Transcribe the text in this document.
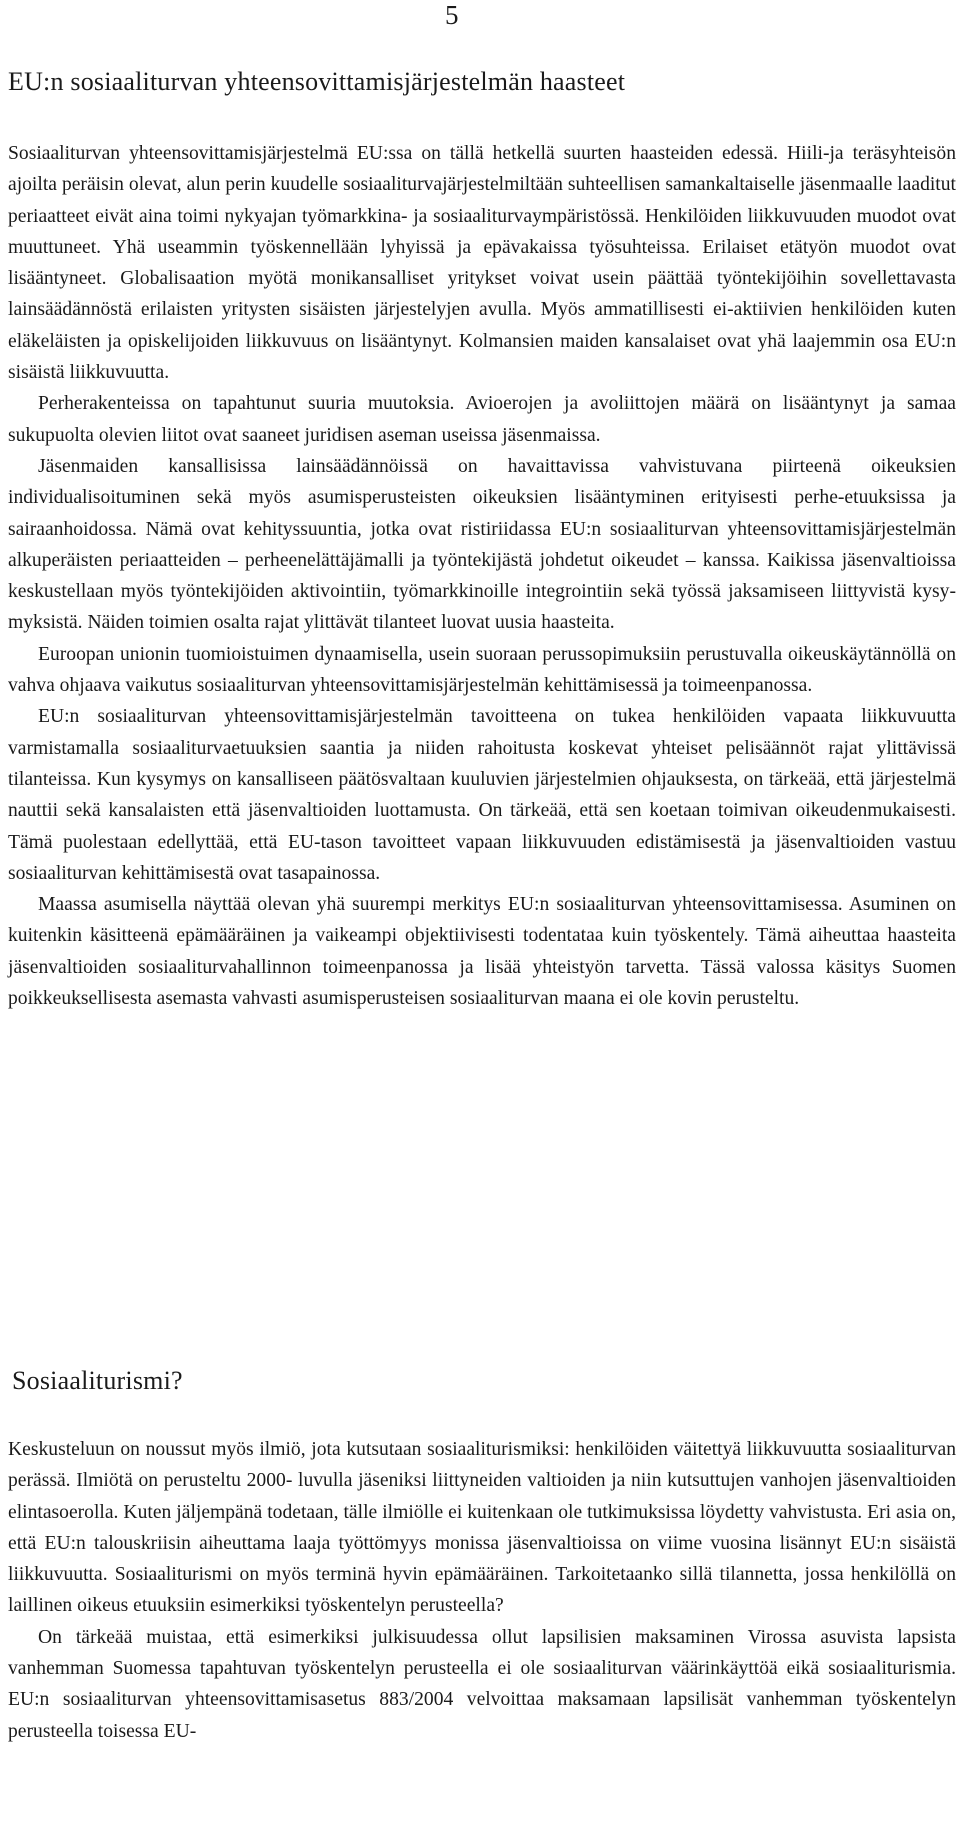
5
EU:n sosiaaliturvan yhteensovittamisjärjestelmän haasteet

Sosiaaliturvan yhteensovittamisjärjestelmä EU:ssa on tällä hetkellä suurten haasteiden edessä. Hiili-ja teräsyhteisön ajoilta peräisin olevat, alun perin kuudelle sosiaaliturvajärjestelmiltään suhteellisen samankaltaiselle jäsenmaalle laaditut periaatteet eivät aina toimi nykyajan työmarkkina- ja sosiaaliturvaympäristössä. Henkilöiden liikkuvuuden muodot ovat muuttuneet. Yhä useammin työskennellään lyhyissä ja epävakaissa työsuhteissa. Erilaiset etätyön muodot ovat lisääntyneet. Globalisaation myötä monikansalliset yritykset voivat usein päättää työntekijöihin sovellettavasta lainsäädännöstä erilaisten yritysten sisäisten järjestelyjen avulla. Myös ammatillisesti ei-aktiivien henkilöiden kuten eläkeläisten ja opiskelijoiden liikkuvuus on lisääntynyt. Kolmansien maiden kansalaiset ovat yhä laajemmin osa EU:n sisäistä liikkuvuutta.

Perherakenteissa on tapahtunut suuria muutoksia. Avioerojen ja avoliittojen määrä on lisääntynyt ja samaa sukupuolta olevien liitot ovat saaneet juridisen aseman useissa jäsenmaissa.

Jäsenmaiden kansallisissa lainsäädännöissä on havaittavissa vahvistuvana piirteenä oikeuksien individualisoituminen sekä myös asumisperusteisten oikeuksien lisääntyminen erityisesti perhe-etuuksissa ja sairaanhoidossa. Nämä ovat kehityssuuntia, jotka ovat ristiriidassa EU:n sosiaaliturvan yhteensovittamisjärjestelmän alkuperäisten periaatteiden – perheenelättäjämalli ja työntekijästä johdetut oikeudet – kanssa. Kaikissa jäsenvaltioissa keskustellaan myös työntekijöiden aktivointiin, työmarkkinoille integrointiin sekä työssä jaksamiseen liittyvistä kysymyksistä. Näiden toimien osalta rajat ylittävät tilanteet luovat uusia haasteita.

Euroopan unionin tuomioistuimen dynaamisella, usein suoraan perussopimuksiin perustuvalla oikeuskäytännöllä on vahva ohjaava vaikutus sosiaaliturvan yhteensovittamisjärjestelmän kehittämisessä ja toimeenpanossa.

EU:n sosiaaliturvan yhteensovittamisjärjestelmän tavoitteena on tukea henkilöiden vapaata liikkuvuutta varmistamalla sosiaaliturvaetuuksien saantia ja niiden rahoitusta koskevat yhteiset pelisäännöt rajat ylittävissä tilanteissa. Kun kysymys on kansalliseen päätösvaltaan kuuluvien järjestelmien ohjauksesta, on tärkeää, että järjestelmä nauttii sekä kansalaisten että jäsenvaltioiden luottamusta. On tärkeää, että sen koetaan toimivan oikeudenmukaisesti. Tämä puolestaan edellyttää, että EU-tason tavoitteet vapaan liikkuvuuden edistämisestä ja jäsenvaltioiden vastuu sosiaaliturvan kehittämisestä ovat tasapainossa.

Maassa asumisella näyttää olevan yhä suurempi merkitys EU:n sosiaaliturvan yhteensovittamisessa. Asuminen on kuitenkin käsitteenä epämääräinen ja vaikeampi objektiivisesti todentataa kuin työskentely. Tämä aiheuttaa haasteita jäsenvaltioiden sosiaaliturvahallinnon toimeenpanossa ja lisää yhteistyön tarvetta. Tässä valossa käsitys Suomen poikkeuksellisesta asemasta vahvasti asumisperusteisen sosiaaliturvan maana ei ole kovin perusteltu.

Sosiaaliturismi?

Keskusteluun on noussut myös ilmiö, jota kutsutaan sosiaaliturismiksi: henkilöiden väitettyä liikkuvuutta sosiaaliturvan perässä. Ilmiötä on perusteltu 2000- luvulla jäseniksi liittyneiden valtioiden ja niin kutsuttujen vanhojen jäsenvaltioiden elintasoerolla. Kuten jäljempänä todetaan, tälle ilmiölle ei kuitenkaan ole tutkimuksissa löydetty vahvistusta. Eri asia on, että EU:n talouskriisin aiheuttama laaja työttömyys monissa jäsenvaltioissa on viime vuosina lisännyt EU:n sisäistä liikkuvuutta. Sosiaaliturismi on myös terminä hyvin epämääräinen. Tarkoitetaanko sillä tilannetta, jossa henkilöllä on laillinen oikeus etuuksiin esimerkiksi työskentelyn perusteella?

On tärkeää muistaa, että esimerkiksi julkisuudessa ollut lapsilisien maksaminen Virossa asuvista lapsista vanhemman Suomessa tapahtuvan työskentelyn perusteella ei ole sosiaaliturvan väärinkäyttöä eikä sosiaaliturismia. EU:n sosiaaliturvan yhteensovittamisasetus 883/2004 velvoittaa maksamaan lapsilisät vanhemman työskentelyn perusteella toisessa EU-
